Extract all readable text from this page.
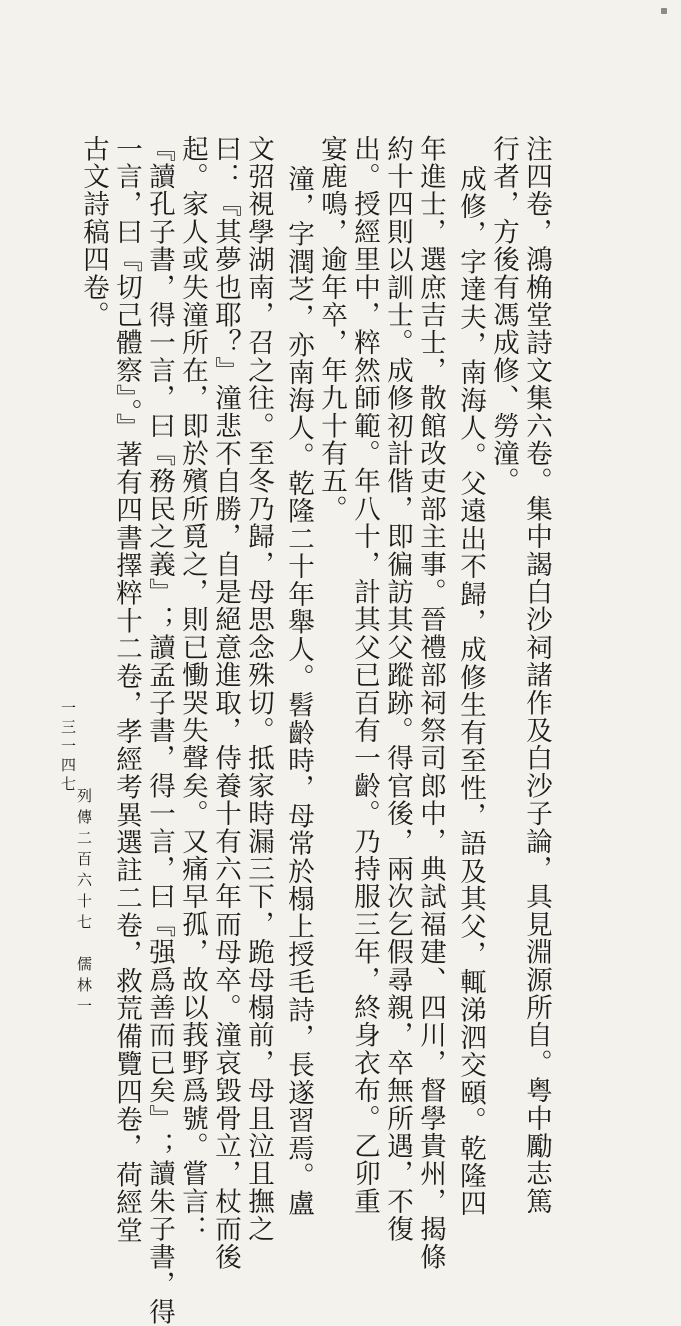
注四卷，鴻桷堂詩文集六卷。集中謁白沙祠諸作及白沙子論，具見淵源所自。粤中勵志篤
行者，方後有馮成修、勞潼。
成修，字達夫，南海人。父遠出不歸，成修生有至性，語及其父，輒涕泗交頤。乾隆四
年進士，選庶吉士，散館改吏部主事。晉禮部祠祭司郎中，典試福建、四川，督學貴州，揭條
約十四則以訓士。成修初計偕，即徧訪其父蹤跡。得官後，兩次乞假尋親，卒無所遇，不復
出。授經里中，粹然師範。年八十，計其父已百有一齡。乃持服三年，終身衣布。乙卯重
宴鹿鳴，逾年卒，年九十有五。
潼，字潤芝，亦南海人。乾隆二十年舉人。髫齡時，母常於榻上授毛詩，長遂習焉。盧
文弨視學湖南，召之往。至冬乃歸，母思念殊切。抵家時漏三下，跪母榻前，母且泣且撫之
曰：『其夢也耶？』潼悲不自勝，自是絕意進取，侍養十有六年而母卒。潼哀毀骨立，杖而後
起。家人或失潼所在，即於殯所覓之，則已慟哭失聲矣。又痛早孤，故以莪野爲號。嘗言：
『讀孔子書，得一言，曰『務民之義』；讀孟子書，得一言，曰『强爲善而已矣』；讀朱子書，得
一言，曰『切己體察』。』著有四書擇粹十二卷，孝經考異選註二卷，救荒備覽四卷，荷經堂
古文詩稿四卷。
列傳二百六十七　儒林一
一三一四七
